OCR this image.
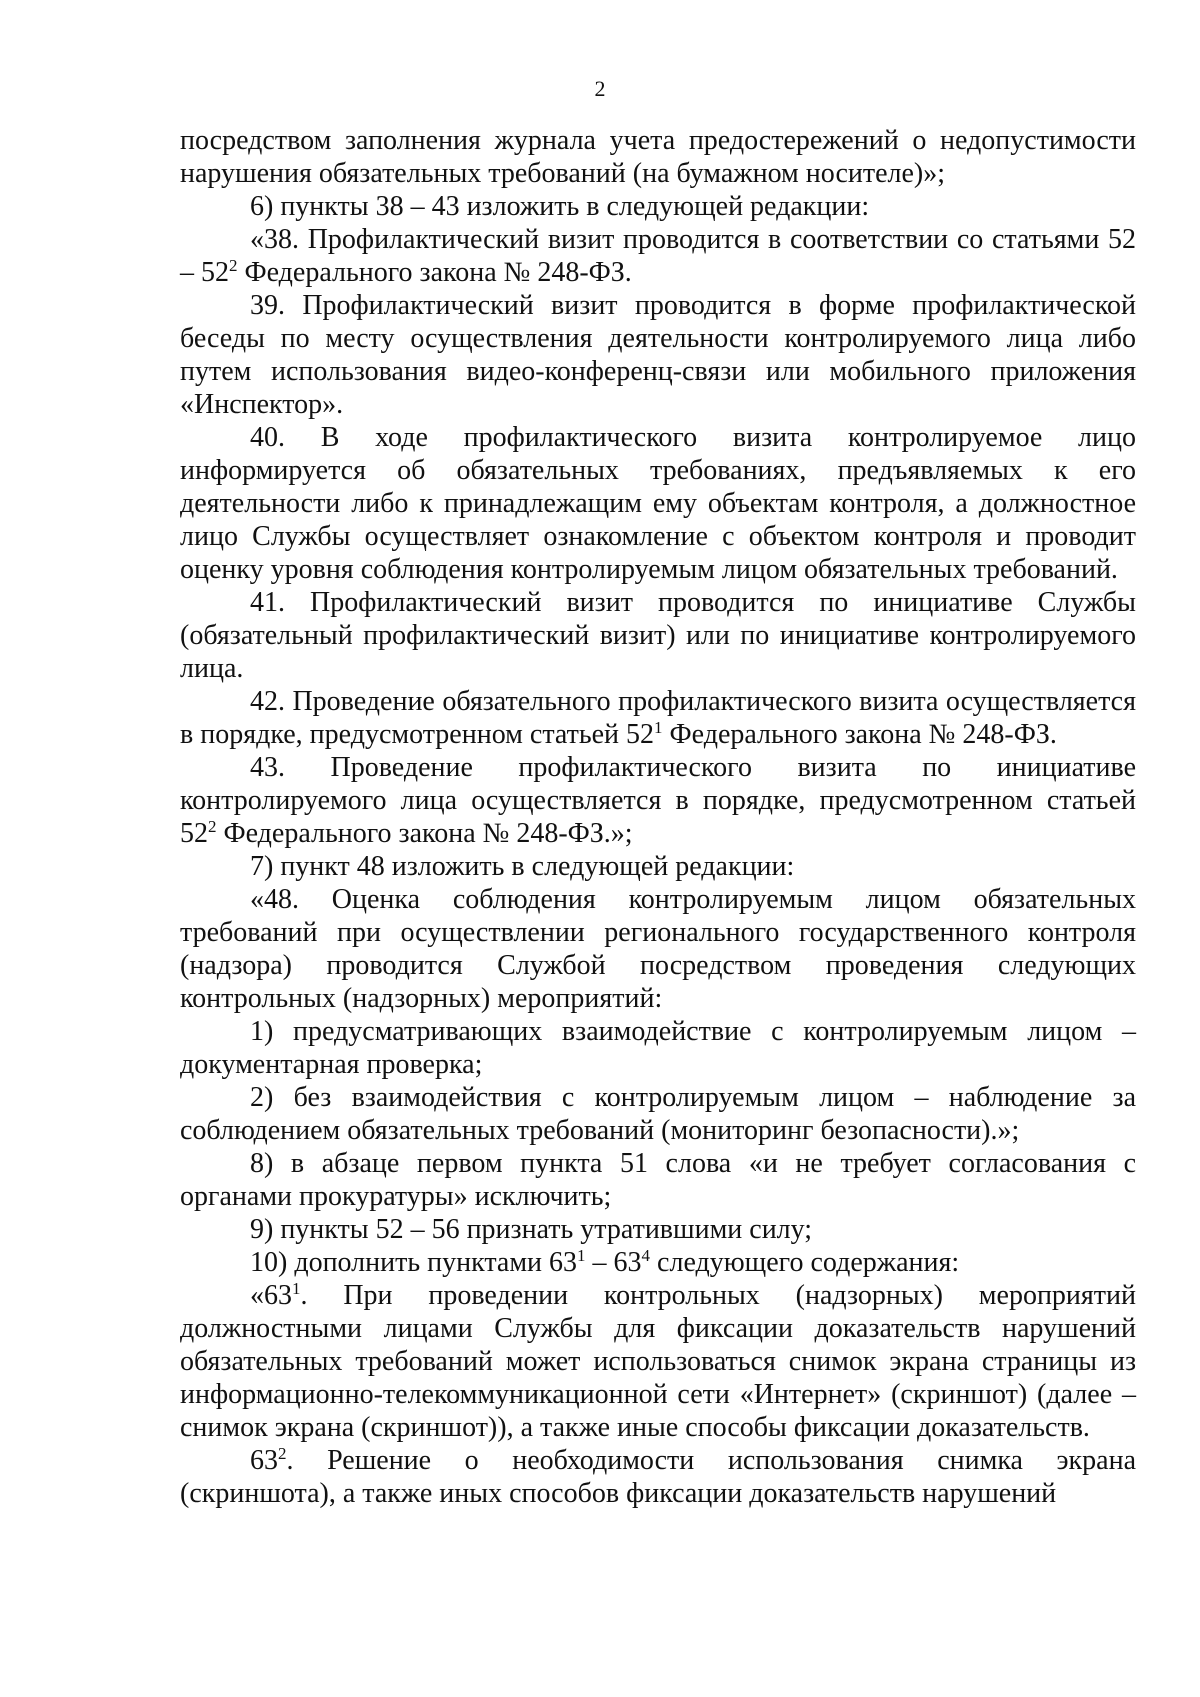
2

посредством заполнения журнала учета предостережений о недопустимости нарушения обязательных требований (на бумажном носителе)»;

6) пункты 38 – 43 изложить в следующей редакции:

«38. Профилактический визит проводится в соответствии со статьями $52 - 52^2$ Федерального закона № 248-ФЗ.

39. Профилактический визит проводится в форме профилактической беседы по месту осуществления деятельности контролируемого лица либо путем использования видео-конференц-связи или мобильного приложения «Инспектор».

40. В ходе профилактического визита контролируемое лицо информируется об обязательных требованиях, предъявляемых к его деятельности либо к принадлежащим ему объектам контроля, а должностное лицо Службы осуществляет ознакомление с объектом контроля и проводит оценку уровня соблюдения контролируемым лицом обязательных требований.

41. Профилактический визит проводится по инициативе Службы (обязательный профилактический визит) или по инициативе контролируемого лица.

42. Проведение обязательного профилактического визита осуществляется в порядке, предусмотренном статьей $52^1$ Федерального закона № 248-ФЗ.

43. Проведение профилактического визита по инициативе контролируемого лица осуществляется в порядке, предусмотренном статьей $52^2$ Федерального закона № 248-ФЗ.»;

7) пункт 48 изложить в следующей редакции:

«48. Оценка соблюдения контролируемым лицом обязательных требований при осуществлении регионального государственного контроля (надзора) проводится Службой посредством проведения следующих контрольных (надзорных) мероприятий:

1) предусматривающих взаимодействие с контролируемым лицом – документарная проверка;

2) без взаимодействия с контролируемым лицом – наблюдение за соблюдением обязательных требований (мониторинг безопасности).»;

8) в абзаце первом пункта 51 слова «и не требует согласования с органами прокуратуры» исключить;

9) пункты 52 – 56 признать утратившими силу;

10) дополнить пунктами $63^1 - 63^4$ следующего содержания:

«$63^1$. При проведении контрольных (надзорных) мероприятий должностными лицами Службы для фиксации доказательств нарушений обязательных требований может использоваться снимок экрана страницы из информационно-телекоммуникационной сети «Интернет» (скриншот) (далее – снимок экрана (скриншот)), а также иные способы фиксации доказательств.

$63^2$. Решение о необходимости использования снимка экрана (скриншота), а также иных способов фиксации доказательств нарушений
